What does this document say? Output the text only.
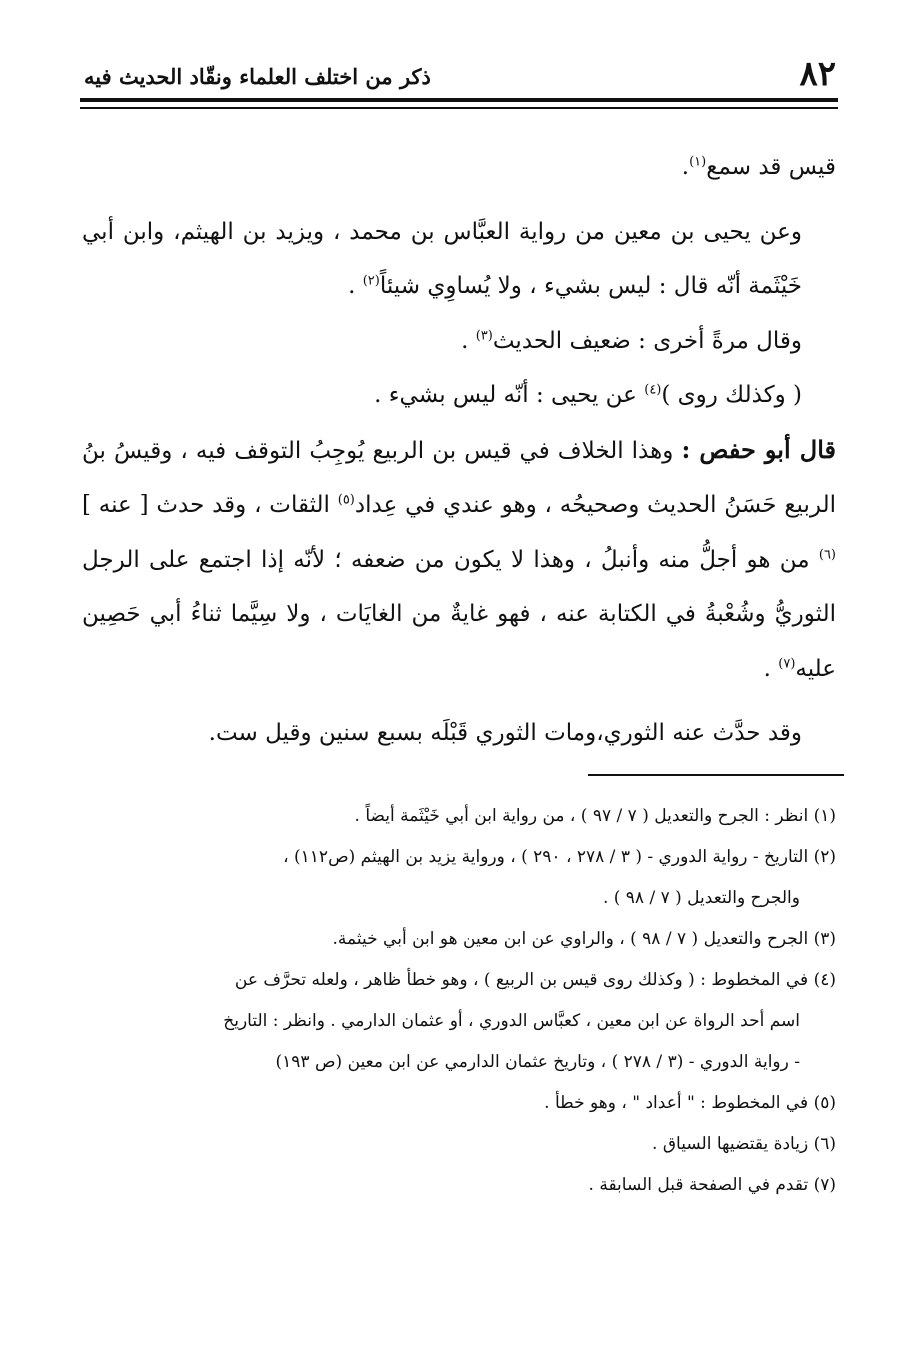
٨٢
ذكر من اختلف العلماء ونقّاد الحديث فيه

قيس قد سمع$^{(١)}$.

وعن يحيى بن معين من رواية العبَّاس بن محمد ، ويزيد بن الهيثم، وابن أبي خَيْثَمة أنّه قال : ليس بشيء ، ولا يُساوِي شيئاً$^{(٢)}$ .

وقال مرةً أخرى : ضعيف الحديث$^{(٣)}$ .

( وكذلك روى )$^{(٤)}$ عن يحيى : أنّه ليس بشيء .

قال أبو حفص : وهذا الخلاف في قيس بن الربيع يُوجِبُ التوقف فيه ، وقيسُ بنُ الربيع حَسَنُ الحديث وصحيحُه ، وهو عندي في عِداد$^{(٥)}$ الثقات ، وقد حدث [ عنه ]$^{(٦)}$ من هو أجلُّ منه وأنبلُ ، وهذا لا يكون من ضعفه ؛ لأنّه إذا اجتمع على الرجل الثوريُّ وشُعْبةُ في الكتابة عنه ، فهو غايةٌ من الغايَات ، ولا سِيَّما ثناءُ أبي حَصِين عليه$^{(٧)}$ .

وقد حدَّث عنه الثوري،ومات الثوري قَبْلَه بسبع سنين وقيل ست.

(١) انظر : الجرح والتعديل ( ٧ / ٩٧ ) ، من رواية ابن أبي خَيْثَمة أيضاً .

(٢) التاريخ - رواية الدوري - ( ٣ / ٢٧٨ ، ٢٩٠ ) ، ورواية يزيد بن الهيثم (ص١١٢) ،

والجرح والتعديل ( ٧ / ٩٨ ) .

(٣) الجرح والتعديل ( ٧ / ٩٨ ) ، والراوي عن ابن معين هو ابن أبي خيثمة.

(٤) في المخطوط : ( وكذلك روى قيس بن الربيع ) ، وهو خطأ ظاهر ، ولعله تحرَّف عن

اسم أحد الرواة عن ابن معين ، كعبَّاس الدوري ، أو عثمان الدارمي . وانظر : التاريخ

- رواية الدوري - (٣ / ٢٧٨ ) ، وتاريخ عثمان الدارمي عن ابن معين (ص ١٩٣)

(٥) في المخطوط : " أعداد " ، وهو خطأ .

(٦) زيادة يقتضيها السياق .

(٧) تقدم في الصفحة قبل السابقة .
